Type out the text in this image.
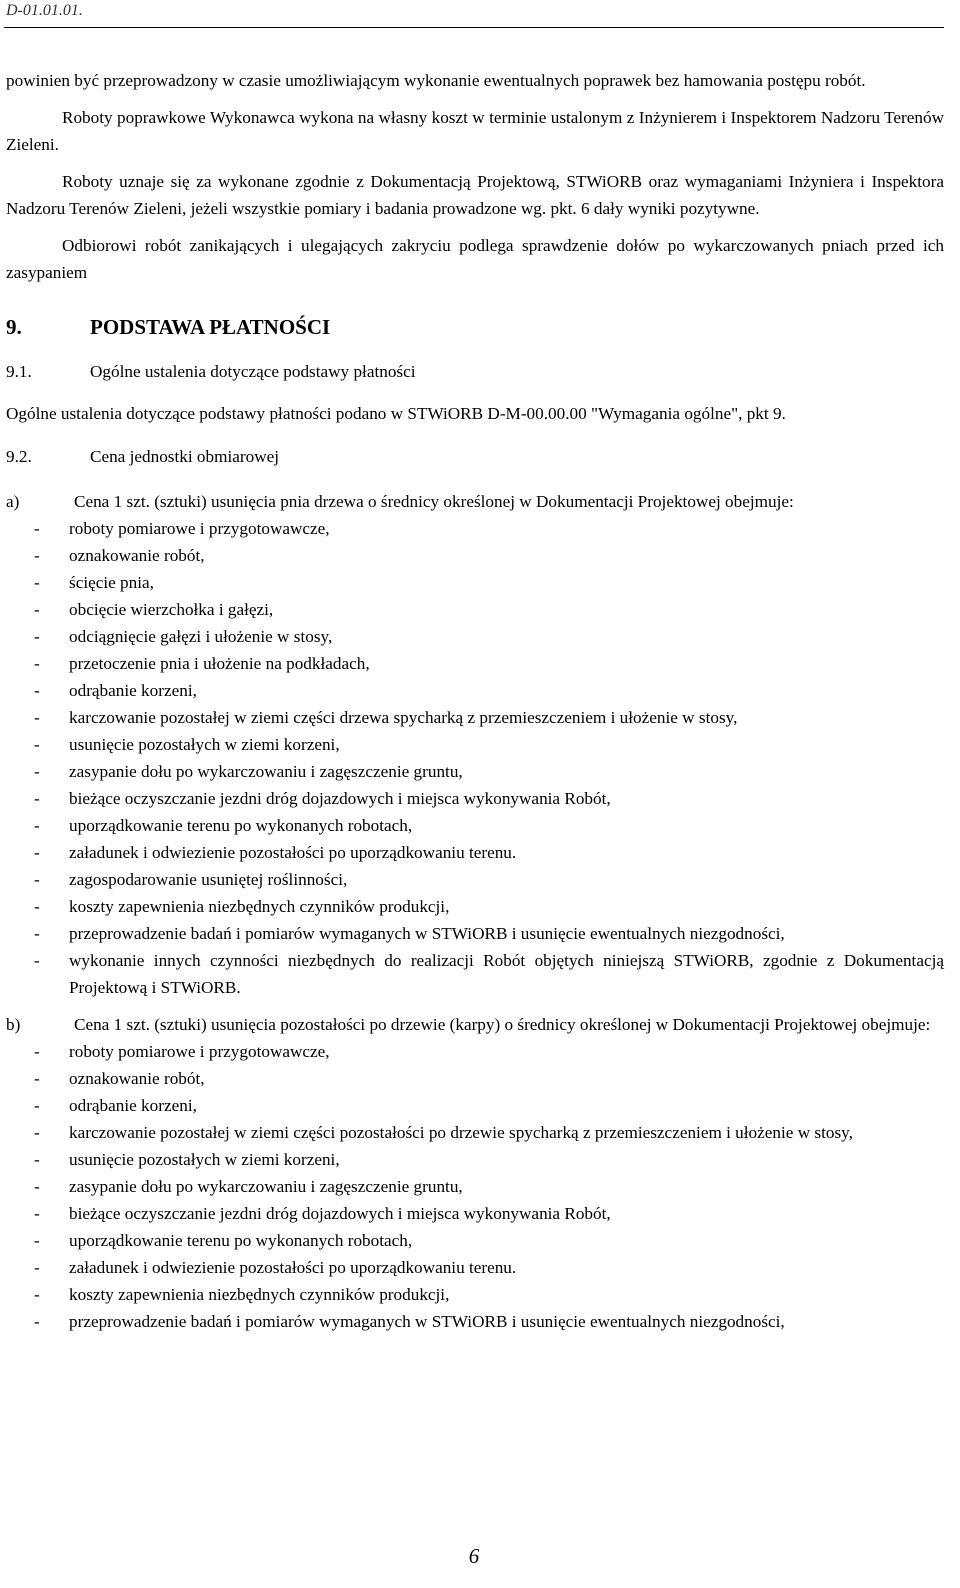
D-01.01.01.

powinien być przeprowadzony w czasie umożliwiającym wykonanie ewentualnych poprawek bez hamowania postępu robót.

Roboty poprawkowe Wykonawca wykona na własny koszt w terminie ustalonym z Inżynierem i Inspektorem Nadzoru Terenów Zieleni.

Roboty uznaje się za wykonane zgodnie z Dokumentacją Projektową, STWiORB oraz wymaganiami Inżyniera i Inspektora Nadzoru Terenów Zieleni, jeżeli wszystkie pomiary i badania prowadzone wg. pkt. 6 dały wyniki pozytywne.

Odbiorowi robót zanikających i ulegających zakryciu podlega sprawdzenie dołów po wykarczowanych pniach przed ich zasypaniem

9.	PODSTAWA PŁATNOŚCI
9.1.	Ogólne ustalenia dotyczące podstawy płatności

Ogólne ustalenia dotyczące podstawy płatności podano w STWiORB D-M-00.00.00 "Wymagania ogólne", pkt 9.

9.2.	Cena jednostki obmiarowej
a)	Cena 1 szt. (sztuki) usunięcia pnia drzewa o średnicy określonej w Dokumentacji Projektowej obejmuje:
- roboty pomiarowe i przygotowawcze,
- oznakowanie robót,
- ścięcie pnia,
- obcięcie wierzchołka i gałęzi,
- odciągnięcie gałęzi i ułożenie w stosy,
- przetoczenie pnia i ułożenie na podkładach,
- odrąbanie korzeni,
- karczowanie pozostałej w ziemi części drzewa spycharką z przemieszczeniem i ułożenie w stosy,
- usunięcie pozostałych w ziemi korzeni,
- zasypanie dołu po wykarczowaniu i zagęszczenie gruntu,
- bieżące oczyszczanie jezdni dróg dojazdowych i miejsca wykonywania Robót,
- uporządkowanie terenu po wykonanych robotach,
- załadunek i odwiezienie pozostałości po uporządkowaniu terenu.
- zagospodarowanie usuniętej roślinności,
- koszty zapewnienia niezbędnych czynników produkcji,
- przeprowadzenie badań i pomiarów wymaganych w STWiORB i usunięcie ewentualnych niezgodności,
- wykonanie innych czynności niezbędnych do realizacji Robót objętych niniejszą STWiORB, zgodnie z Dokumentacją Projektową i STWiORB.
b)	Cena 1 szt. (sztuki) usunięcia pozostałości po drzewie (karpy) o średnicy określonej w Dokumentacji Projektowej obejmuje:
- roboty pomiarowe i przygotowawcze,
- oznakowanie robót,
- odrąbanie korzeni,
- karczowanie pozostałej w ziemi części pozostałości po drzewie spycharką z przemieszczeniem i ułożenie w stosy,
- usunięcie pozostałych w ziemi korzeni,
- zasypanie dołu po wykarczowaniu i zagęszczenie gruntu,
- bieżące oczyszczanie jezdni dróg dojazdowych i miejsca wykonywania Robót,
- uporządkowanie terenu po wykonanych robotach,
- załadunek i odwiezienie pozostałości po uporządkowaniu terenu.
- koszty zapewnienia niezbędnych czynników produkcji,
- przeprowadzenie badań i pomiarów wymaganych w STWiORB i usunięcie ewentualnych niezgodności,
6
